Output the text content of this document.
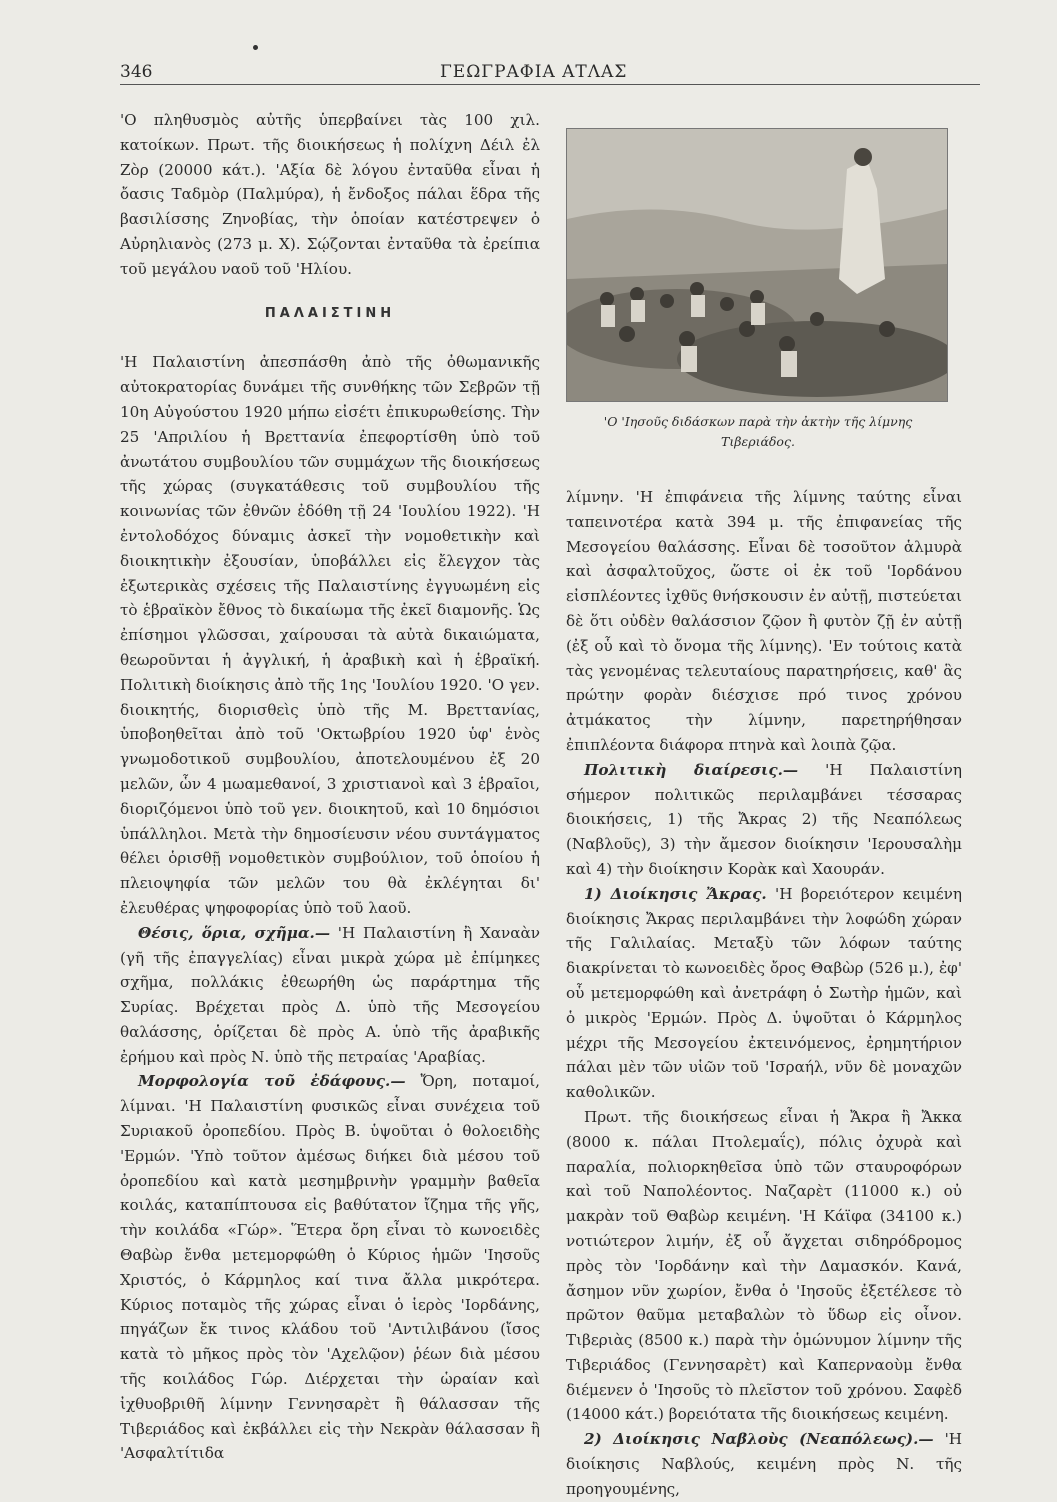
346	ΓΕΩΓΡΑΦΙΑ ΑΤΛΑΣ

'Ο πληθυσμὸς αὐτῆς ὑπερβαίνει τὰς 100 χιλ. κατοίκων. Πρωτ. τῆς διοικήσεως ἡ πολίχνη Δέιλ ἐλ Ζὸρ (20000 κάτ.). 'Αξία δὲ λόγου ἐνταῦθα εἶναι ἡ ὄασις Ταδμὸρ (Παλμύρα), ἡ ἔνδοξος πάλαι ἕδρα τῆς βασιλίσσης Ζηνοβίας, τὴν ὁποίαν κατέστρεψεν ὁ Αὐρηλιανὸς (273 μ. Χ). Σῴζονται ἐνταῦθα τὰ ἐρείπια τοῦ μεγάλου ναοῦ τοῦ 'Ηλίου.

ΠΑΛΑΙΣΤΙΝΗ

'Η Παλαιστίνη ἀπεσπάσθη ἀπὸ τῆς ὀθωμανικῆς αὐτοκρατορίας δυνάμει τῆς συνθήκης τῶν Σεβρῶν τῇ 10η Αὐγούστου 1920 μήπω εἰσέτι ἐπικυρωθείσης. Τὴν 25 'Απριλίου ἡ Βρεττανία ἐπεφορτίσθη ὑπὸ τοῦ ἀνωτάτου συμβουλίου τῶν συμμάχων τῆς διοικήσεως τῆς χώρας (συγκατάθεσις τοῦ συμβουλίου τῆς κοινωνίας τῶν ἐθνῶν ἐδόθη τῇ 24 'Ιουλίου 1922). 'Η ἐντολοδόχος δύναμις ἀσκεῖ τὴν νομοθετικὴν καὶ διοικητικὴν ἐξουσίαν, ὑποβάλλει εἰς ἔλεγχον τὰς ἐξωτερικὰς σχέσεις τῆς Παλαιστίνης ἐγγυωμένη εἰς τὸ ἑβραϊκὸν ἔθνος τὸ δικαίωμα τῆς ἐκεῖ διαμονῆς. Ὡς ἐπίσημοι γλῶσσαι, χαίρουσαι τὰ αὐτὰ δικαιώματα, θεωροῦνται ἡ ἀγγλική, ἡ ἀραβικὴ καὶ ἡ ἑβραϊκή. Πολιτικὴ διοίκησις ἀπὸ τῆς 1ης 'Ιουλίου 1920. 'Ο γεν. διοικητής, διορισθεὶς ὑπὸ τῆς Μ. Βρεττανίας, ὑποβοηθεῖται ἀπὸ τοῦ 'Οκτωβρίου 1920 ὑφ' ἑνὸς γνωμοδοτικοῦ συμβουλίου, ἀποτελουμένου ἐξ 20 μελῶν, ὧν 4 μωαμεθανοί, 3 χριστιανοὶ καὶ 3 ἑβραῖοι, διοριζόμενοι ὑπὸ τοῦ γεν. διοικητοῦ, καὶ 10 δημόσιοι ὑπάλληλοι. Μετὰ τὴν δημοσίευσιν νέου συντάγματος θέλει ὁρισθῇ νομοθετικὸν συμβούλιον, τοῦ ὁποίου ἡ πλειοψηφία τῶν μελῶν του θὰ ἐκλέγηται δι' ἐλευθέρας ψηφοφορίας ὑπὸ τοῦ λαοῦ.

Θέσις, ὅρια, σχῆμα.— 'Η Παλαιστίνη ἢ Χαναὰν (γῆ τῆς ἐπαγγελίας) εἶναι μικρὰ χώρα μὲ ἐπίμηκες σχῆμα, πολλάκις ἐθεωρήθη ὡς παράρτημα τῆς Συρίας. Βρέχεται πρὸς Δ. ὑπὸ τῆς Μεσογείου θαλάσσης, ὁρίζεται δὲ πρὸς Α. ὑπὸ τῆς ἀραβικῆς ἐρήμου καὶ πρὸς Ν. ὑπὸ τῆς πετραίας 'Αραβίας.

Μορφολογία τοῦ ἐδάφους.— Ὄρη, ποταμοί, λίμναι. 'Η Παλαιστίνη φυσικῶς εἶναι συνέχεια τοῦ Συριακοῦ ὀροπεδίου. Πρὸς Β. ὑψοῦται ὁ θολοειδὴς 'Ερμών. 'Υπὸ τοῦτον ἀμέσως διήκει διὰ μέσου τοῦ ὀροπεδίου καὶ κατὰ μεσημβρινὴν γραμμὴν βαθεῖα κοιλάς, καταπίπτουσα εἰς βαθύτατον ἴζημα τῆς γῆς, τὴν κοιλάδα «Γώρ». Ἕτερα ὄρη εἶναι τὸ κωνοειδὲς Θαβὼρ ἔνθα μετεμορφώθη ὁ Κύριος ἡμῶν 'Ιησοῦς Χριστός, ὁ Κάρμηλος καί τινα ἄλλα μικρότερα. Κύριος ποταμὸς τῆς χώρας εἶναι ὁ ἱερὸς 'Ιορδάνης, πηγάζων ἔκ τινος κλάδου τοῦ 'Αντιλιβάνου (ἴσος κατὰ τὸ μῆκος πρὸς τὸν 'Αχελῷον) ῥέων διὰ μέσου τῆς κοιλάδος Γώρ. Διέρχεται τὴν ὡραίαν καὶ ἰχθυοβριθῆ λίμνην Γεννησαρὲτ ἢ θάλασσαν τῆς Τιβεριάδος καὶ ἐκβάλλει εἰς τὴν Νεκρὰν θάλασσαν ἢ 'Ασφαλτίτιδα

'Ο 'Ιησοῦς διδάσκων παρὰ τὴν ἀκτὴν τῆς λίμνης
Τιβεριάδος.

λίμνην. 'Η ἐπιφάνεια τῆς λίμνης ταύτης εἶναι ταπεινοτέρα κατὰ 394 μ. τῆς ἐπιφανείας τῆς Μεσογείου θαλάσσης. Εἶναι δὲ τοσοῦτον ἁλμυρὰ καὶ ἀσφαλτοῦχος, ὥστε οἱ ἐκ τοῦ 'Ιορδάνου εἰσπλέοντες ἰχθῦς θνήσκουσιν ἐν αὐτῇ, πιστεύεται δὲ ὅτι οὐδὲν θαλάσσιον ζῷον ἢ φυτὸν ζῇ ἐν αὐτῇ (ἐξ οὗ καὶ τὸ ὄνομα τῆς λίμνης). 'Εν τούτοις κατὰ τὰς γενομένας τελευταίους παρατηρήσεις, καθ' ἃς πρώτην φορὰν διέσχισε πρό τινος χρόνου ἀτμάκατος τὴν λίμνην, παρετηρήθησαν ἐπιπλέοντα διάφορα πτηνὰ καὶ λοιπὰ ζῷα.

Πολιτικὴ διαίρεσις.— 'Η Παλαιστίνη σήμερον πολιτικῶς περιλαμβάνει τέσσαρας διοικήσεις, 1) τῆς Ἄκρας 2) τῆς Νεαπόλεως (Ναβλοῦς), 3) τὴν ἄμεσον διοίκησιν 'Ιερουσαλὴμ καὶ 4) τὴν διοίκησιν Κορὰκ καὶ Χαουράν.

1) Διοίκησις Ἄκρας. 'Η βορειότερον κειμένη διοίκησις Ἄκρας περιλαμβάνει τὴν λοφώδη χώραν τῆς Γαλιλαίας. Μεταξὺ τῶν λόφων ταύτης διακρίνεται τὸ κωνοειδὲς ὄρος Θαβὼρ (526 μ.), ἐφ' οὗ μετεμορφώθη καὶ ἀνετράφη ὁ Σωτὴρ ἡμῶν, καὶ ὁ μικρὸς 'Ερμών. Πρὸς Δ. ὑψοῦται ὁ Κάρμηλος μέχρι τῆς Μεσογείου ἐκτεινόμενος, ἐρημητήριον πάλαι μὲν τῶν υἱῶν τοῦ 'Ισραήλ, νῦν δὲ μοναχῶν καθολικῶν.

Πρωτ. τῆς διοικήσεως εἶναι ἡ Ἄκρα ἢ Ἄκκα (8000 κ. πάλαι Πτολεμαΐς), πόλις ὀχυρὰ καὶ παραλία, πολιορκηθεῖσα ὑπὸ τῶν σταυροφόρων καὶ τοῦ Ναπολέοντος. Ναζαρὲτ (11000 κ.) οὐ μακρὰν τοῦ Θαβὼρ κειμένη. 'Η Κάϊφα (34100 κ.) νοτιώτερον λιμήν, ἐξ οὗ ἄγχεται σιδηρόδρομος πρὸς τὸν 'Ιορδάνην καὶ τὴν Δαμασκόν. Κανά, ἄσημον νῦν χωρίον, ἔνθα ὁ 'Ιησοῦς ἐξετέλεσε τὸ πρῶτον θαῦμα μεταβαλὼν τὸ ὕδωρ εἰς οἶνον. Τιβεριὰς (8500 κ.) παρὰ τὴν ὁμώνυμον λίμνην τῆς Τιβεριάδος (Γεννησαρὲτ) καὶ Καπερναοὺμ ἔνθα διέμενεν ὁ 'Ιησοῦς τὸ πλεῖστον τοῦ χρόνου. Σαφὲδ (14000 κάτ.) βορειότατα τῆς διοικήσεως κειμένη.

2) Διοίκησις Ναβλοὺς (Νεαπόλεως).— 'Η διοίκησις Ναβλούς, κειμένη πρὸς Ν. τῆς προηγουμένης,
